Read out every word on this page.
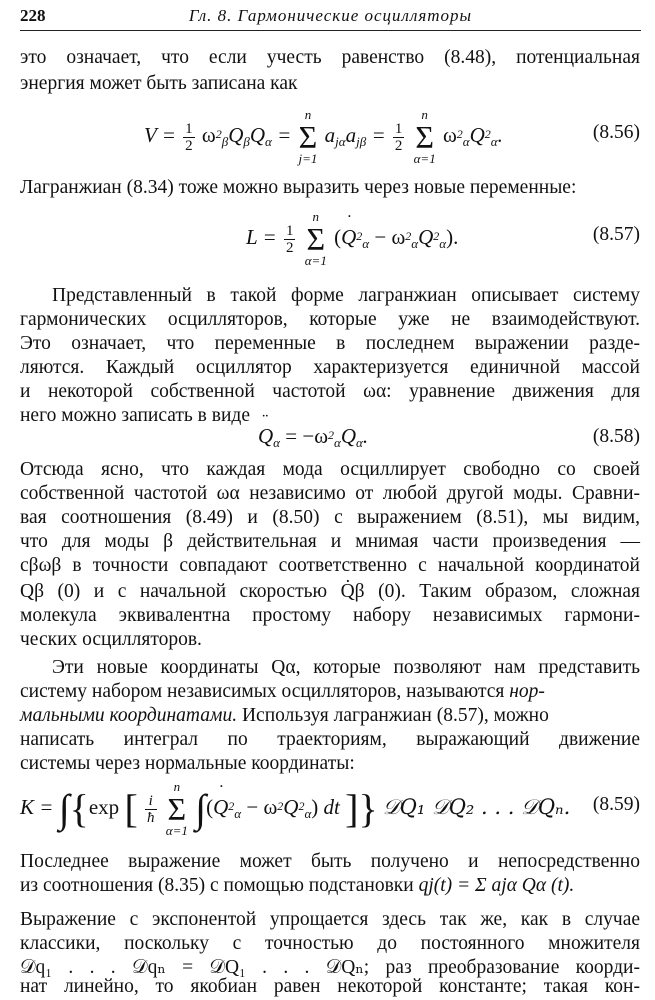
228	Гл. 8. Гармонические осцилляторы
это означает, что если учесть равенство (8.48), потенциальная
энергия может быть записана как
$V = \frac{1}{2} \omega_{2\beta}Q_\beta Q_\alpha$ =
n
Σ
j=1
$a_{j\alpha}a_{j\beta} = \frac{1}{2}$

n
Σ
α=1
$\omega_{2\alpha}Q_{2\alpha}$.	(8.56)
Лагранжиан (8.34) тоже можно выразить через новые переменные:
$L = \frac{1}{2}$

n
Σ
α=1
(˙ $Q_{2\alpha} - \omega_{2\alpha}Q_{2\alpha}$).	(8.57)
Представленный в такой форме лагранжиан описывает систему
гармонических осцилляторов, которые уже не взаимодействуют.
Это означает, что переменные в последнем выражении разде-
ляются. Каждый осциллятор характеризуется единичной массой
и некоторой собственной частотой ωα: уравнение движения для
него можно записать в виде
¨ $Q_\alpha = -\omega_{2\alpha}Q_\alpha$.	(8.58)
Отсюда ясно, что каждая мода осциллирует свободно со своей
собственной частотой ωα независимо от любой другой моды. Сравни-
вая соотношения (8.49) и (8.50) с выражением (8.51), мы видим,
что для моды β действительная и мнимая части произведения —
cβωβ в точности совпадают соответственно с начальной координатой
Qβ (0) и с начальной скоростью Q̇β (0). Таким образом, сложная
молекула эквивалентна простому набору независимых гармони-
ческих осцилляторов.
Эти новые координаты Qα, которые позволяют нам представить
систему набором независимых осцилляторов, называются нор-
мальными координатами. Используя лагранжиан (8.57), можно
написать интеграл по траекториям, выражающий движение
системы через нормальные координаты:
K = ∫{exp [ $\frac{i}{ħ}$

n
Σ
α=1 ∫(˙ $Q_{2\alpha} - \omega_2Q_{2\alpha}$) dt ]} 𝒟Q₁ 𝒟Q₂ . . . 𝒟Qₙ. (8.59)
Последнее выражение может быть получено и непосредственно
из соотношения (8.35) с помощью подстановки qj(t) = Σ ajα Qα (t).
Выражение с экспонентой упрощается здесь так же, как в случае
классики, поскольку с точностью до постоянного множителя
𝒟q₁ . . . 𝒟qₙ = 𝒟Q₁ . . . 𝒟Qₙ; раз преобразование коорди-
нат линейно, то якобиан равен некоторой константе; такая кон-
